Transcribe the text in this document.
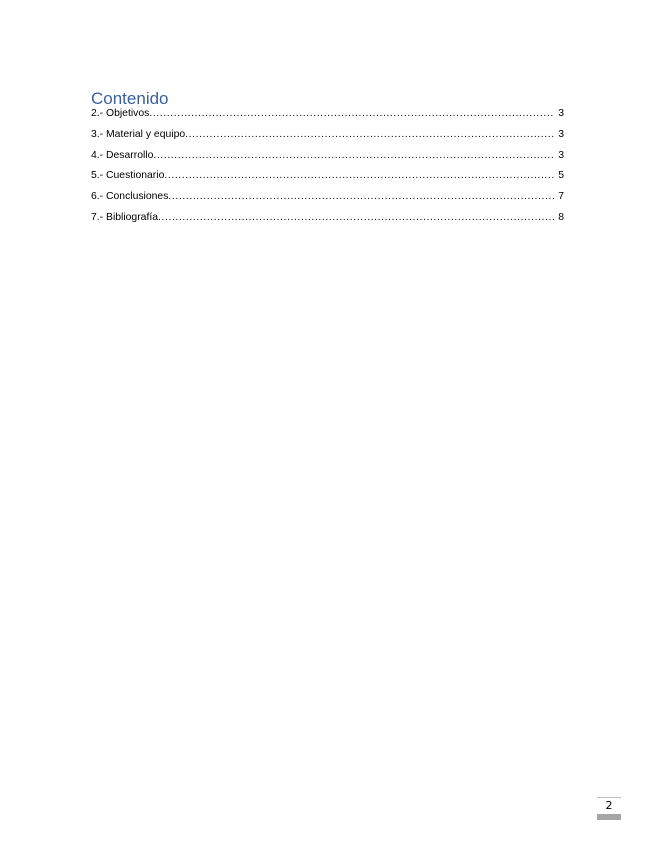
Contenido
2.- Objetivos .....	3
3.- Material y equipo .....	3
4.- Desarrollo .....	3
5.- Cuestionario .....	5
6.- Conclusiones .....	7
7.- Bibliografía .....	8
2
